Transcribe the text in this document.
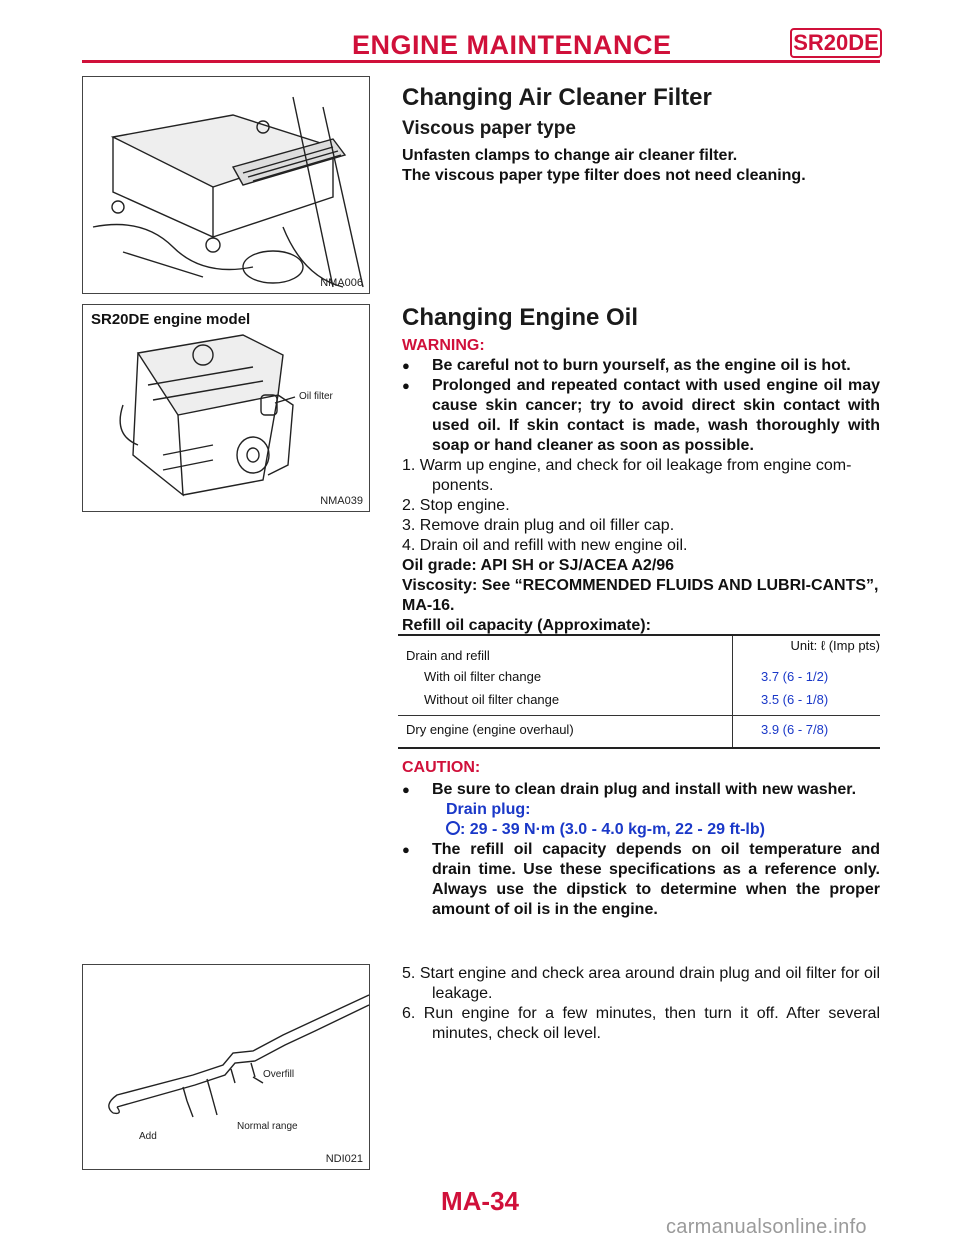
ENGINE MAINTENANCE	SR20DE
NMA006
SR20DE engine model
Oil filter
NMA039
Overfill
Normal range
Add
NDI021
Changing Air Cleaner Filter
Viscous paper type

Unfasten clamps to change air cleaner filter.

The viscous paper type filter does not need cleaning.

Changing Engine Oil

WARNING:

● Be careful not to burn yourself, as the engine oil is hot.

● Prolonged and repeated contact with used engine oil may cause skin cancer; try to avoid direct skin contact with used oil. If skin contact is made, wash thoroughly with soap or hand cleaner as soon as possible.

1. Warm up engine, and check for oil leakage from engine com-ponents.

2. Stop engine.

3. Remove drain plug and oil filler cap.

4. Drain oil and refill with new engine oil.

Oil grade: API SH or SJ/ACEA A2/96

Viscosity: See “RECOMMENDED FLUIDS AND LUBRI-CANTS”, MA-16.

Refill oil capacity (Approximate):

Unit: ℓ (Imp pts)

Drain and refill	
With oil filter change	3.7 (6 - 1/2)
Without oil filter change	3.5 (6 - 1/8)
Dry engine (engine overhaul)	3.9 (6 - 7/8)

CAUTION:

● Be sure to clean drain plug and install with new washer.

Drain plug:

: 29 - 39 N·m (3.0 - 4.0 kg-m, 22 - 29 ft-lb)

● The refill oil capacity depends on oil temperature and drain time. Use these specifications as a reference only. Always use the dipstick to determine when the proper amount of oil is in the engine.

5. Start engine and check area around drain plug and oil filter for oil leakage.

6. Run engine for a few minutes, then turn it off. After several minutes, check oil level.

MA-34
carmanualsonline.info
